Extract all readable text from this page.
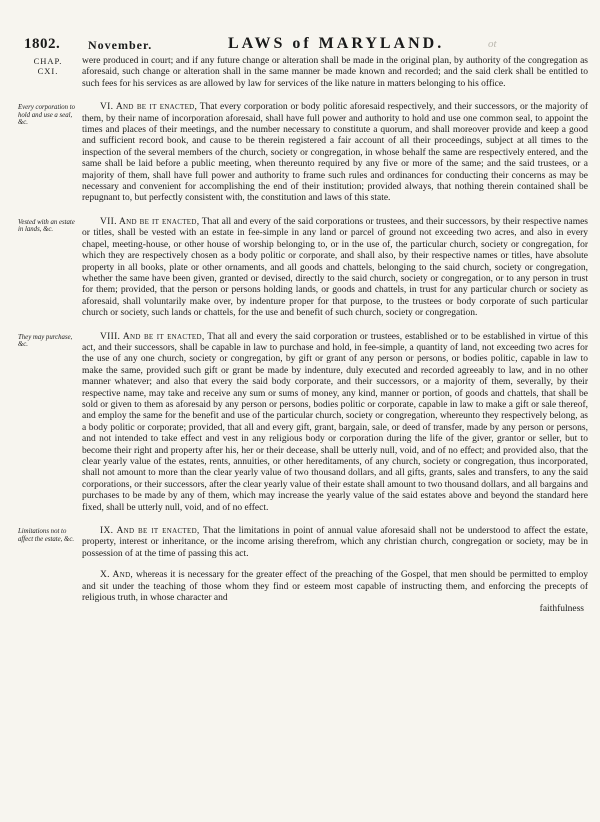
1802. November.	LAWS of MARYLAND.	ot
CHAP.
CXI.

were produced in court; and if any future change or alteration shall be made in the original plan, by authority of the congregation as aforesaid, such change or alteration shall in the same manner be made known and recorded; and the said clerk shall be entitled to such fees for his services as are allowed by law for services of the like nature in matters belonging to his office.

Every corporation to hold and use a seal, &c.

VI. And be it enacted, That every corporation or body politic aforesaid respectively, and their successors, or the majority of them, by their name of incorporation aforesaid, shall have full power and authority to hold and use one common seal, to appoint the times and places of their meetings, and the number necessary to constitute a quorum, and shall moreover provide and keep a good and sufficient record book, and cause to be therein registered a fair account of all their proceedings, subject at all times to the inspection of the several members of the church, society or congregation, in whose behalf the same are respectively entered, and the same shall be laid before a public meeting, when thereunto required by any five or more of the same; and the said trustees, or a majority of them, shall have full power and authority to frame such rules and ordinances for conducting their concerns as may be necessary and convenient for accomplishing the end of their institution; provided always, that nothing therein contained shall be repugnant to, but perfectly consistent with, the constitution and laws of this state.

Vested with an estate in lands, &c.

VII. And be it enacted, That all and every of the said corporations or trustees, and their successors, by their respective names or titles, shall be vested with an estate in fee-simple in any land or parcel of ground not exceeding two acres, and also in every chapel, meeting-house, or other house of worship belonging to, or in the use of, the particular church, society or congregation, for which they are respectively chosen as a body politic or corporate, and shall also, by their respective names or titles, have absolute property in all books, plate or other ornaments, and all goods and chattels, belonging to the said church, society or congregation, whether the same have been given, granted or devised, directly to the said church, society or congregation, or to any person in trust for them; provided, that the person or persons holding lands, or goods and chattels, in trust for any particular church or society as aforesaid, shall voluntarily make over, by indenture proper for that purpose, to the trustees or body corporate of such particular church or society, such lands or chattels, for the use and benefit of such church, society or congregation.

They may purchase, &c.

VIII. And be it enacted, That all and every the said corporation or trustees, established or to be established in virtue of this act, and their successors, shall be capable in law to purchase and hold, in fee-simple, a quantity of land, not exceeding two acres for the use of any one church, society or congregation, by gift or grant of any person or persons, or bodies politic, capable in law to make the same, provided such gift or grant be made by indenture, duly executed and recorded agreeably to law, and in no other manner whatever; and also that every the said body corporate, and their successors, or a majority of them, severally, by their respective name, may take and receive any sum or sums of money, any kind, manner or portion, of goods and chattels, that shall be sold or given to them as aforesaid by any person or persons, bodies politic or corporate, capable in law to make a gift or sale thereof, and employ the same for the benefit and use of the particular church, society or congregation, whereunto they respectively belong, as a body politic or corporate; provided, that all and every gift, grant, bargain, sale, or deed of transfer, made by any person or persons, and not intended to take effect and vest in any religious body or corporation during the life of the giver, grantor or seller, but to become their right and property after his, her or their decease, shall be utterly null, void, and of no effect; and provided also, that the clear yearly value of the estates, rents, annuities, or other hereditaments, of any church, society or congregation, thus incorporated, shall not amount to more than the clear yearly value of two thousand dollars, and all gifts, grants, sales and transfers, to any the said corporations, or their successors, after the clear yearly value of their estate shall amount to two thousand dollars, and all bargains and purchases to be made by any of them, which may increase the yearly value of the said estates above and beyond the standard here fixed, shall be utterly null, void, and of no effect.

Limitations not to affect the estate, &c.

IX. And be it enacted, That the limitations in point of annual value aforesaid shall not be understood to affect the estate, property, interest or inheritance, or the income arising therefrom, which any christian church, congregation or society, may be in possession of at the time of passing this act.

X. And, whereas it is necessary for the greater effect of the preaching of the Gospel, that men should be permitted to employ and sit under the teaching of those whom they find or esteem most capable of instructing them, and enforcing the precepts of religious truth, in whose character and

faithfulness
